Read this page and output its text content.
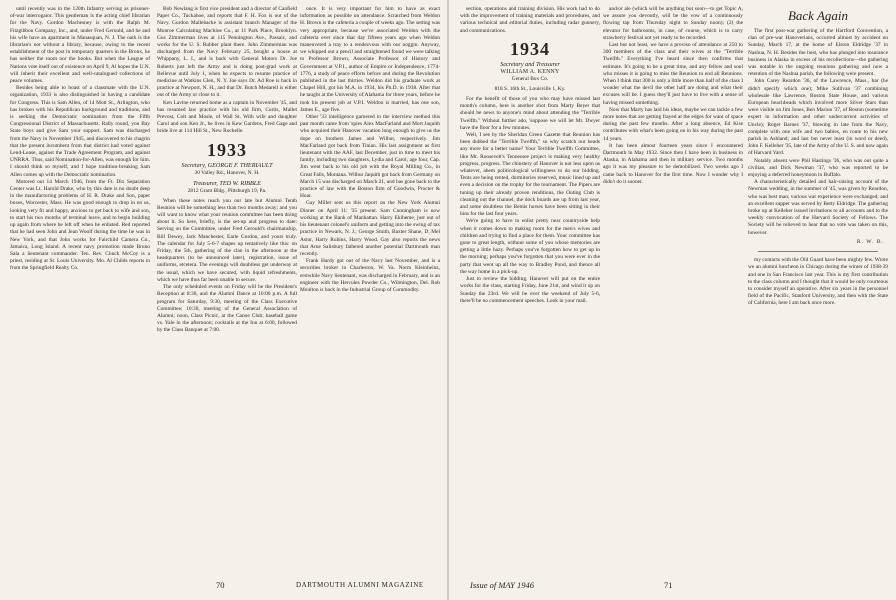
until recently was in the 120th Infantry serving as prisoner-of-war interrogator. This gentleman is the acting chief librarian for the Navy. Gordon Machesney is with the Ralph M. Fitzgibbon Company, Inc., and, under Fred Gerould, and he and his wife have an apartment in Manasquan, N. J. The oath is the librarian's not without a library, because, owing to the recent establishment of the post in temporary quarters in the Bronx, he has neither the room nor the books. But when the League of Nations vote itself out of existence on April 9, Al hopes the U.N. will inherit their excellent and well-catalogued collections of peace volumes.

Besides being able to boast of a classmate with the U.N. organization, 1933 is also distinguished in having a candidate for Congress. This is Sam Allen, of 14 Mott St., Arlington, who has broken with his Republican background and traditions, and is seeking the Democratic nomination from the Fifth Congressional District of Massachusetts. Rally round, you Bay State boys and give Sam your support. Sam was discharged from the Navy in November 1945, and discovered to his chagrin that the present incumbent from that district had voted against Lend-Lease, against the Trade Agreement Program, and against UNRRA. Thus, said Nomination-for-Allen, was enough for him. I should think so myself, and I hope tradition-breaking Sam Allen comes up with the Democratic nomination.

Motored out 14 March 1946, from the Ft. Dix Separation Center was Lt. Harold Drake, who by this date is no doubt deep in the manufacturing problems of H. R. Drake and Son, paper boxes, Worcester, Mass. He was good enough to drop in on us, looking very fit and happy, anxious to get back to wife and son, to start his two months of terminal leave, and to begin building up again from where he left off when he enlisted. Red reported that he had seen John and Jean Woolf during the time he was in New York, and that John works for Fairchild Camera Co., Jamaica, Long Island. A recent navy promotion made Bruno Sala a lieutenant commander. Ten. Rev. Chuck McCoy is a priest, residing at St. Louis University. Mo. Al Childs reports in from the Springfield Realty Co.

Bob Newlang is first vice president and a director of Canfield Paper Co., Tuckahoe, and reports that F. H. Fox is out of the Navy. Gordon Mallebacke is assistant branch Manager of the Monroe Calculating Machine Co., at 11 Park Place, Brooklyn. Gus Zimmerman lives at 115 Pennington Ave., Passaic, and works for the U. S. Rubber plant there. John Zimmerman was discharged from the Navy February 25, bought a house at Whippany, L. I., and is back with General Motors Dr. Joe Roberts just left the Army and is doing post-grad work at Bellevue until July 1, when he expects to resume practice of medicine at Watkins Glen, N. Y. Joe says Dr. Ad Roe is back in practice at Newport, N. H., and that Dr. Butch Medarell is either out of the Army or close to it.

Ken Lavine returned home as a captain in November '45, and has resumed law practice with his old firm, Curtis, Mallet Prevost, Colt and Mosle, of Wall St. With wife and daughter Carol and son Ken Jr., he lives in Kew Gardens, Fred Gage and bride live at 114 Hill St., New Rochelle.

1933
Secretary, GEORGE F. THERIAULT
30 Valley Rd., Hanover, N. H.
Treasurer, TED W. RIBBLE
2812 Grant Bldg., Pittsburgh 19, Pa.

When these notes reach you our late but Alumni Tenth Reunion will be something less than two months away; and you will want to know what your reunion committee has been doing about it. So here, briefly, is the set-up and progress to date: Serving on the Committee, under Fred Gerould's chairmanship, Bill Dewey, Jack Manchester, Earle Gordon, and yours truly. The calendar for July 5-6-7 shapes up tentatively like this: on Friday, the 5th, gathering of the clan in the afternoon at the headquarters (to be announced later), registration, issue of uniforms, etcetera. The evenings will doubtless get underway at the usual, which we have secured, with liquid refreshments, which we have thus far been unable to secure.

The only scheduled events on Friday will be the President's Reception at 8:30, and the Alumni Dance at 10:00 p.m. A full program for Saturday, 9:30, meeting of the Class Executive Committee; 10:30, meeting of the General Association of Alumni; noon, Class Picnic, at the Canoe Club; baseball game vs. Yale in the afternoon; cocktails at the Inn at 6:00, followed by the Class Banquet at 7:00.

once. It is very important for him to have as exact information as possible on attendance. Scratched from Weldon H. Brown is the cafeteria a couple of weeks ago. The setting was very appropriate, because we've associated Weldon with the cafeteria ever since that day fifteen years ago when Weldon maneuvered a tray to a rendezvous with our noggin. Anyway, we whipped out a pencil and straightened found we were talking to Professor Brown, Associate Professor of History and Government at V.P.I., author of Empire or Independence, 1774-1776, a study of peace efforts before and during the Revolution published in the last thirties. Weldon did his graduate work at Chapel Hill, got his M.A. in 1934, his Ph.D. in 1938. After that he taught at the University of Alabama for three years, before he took his present job at V.P.I. Weldon is married, has one son, James E., age five.

Other '33 intelligence garnered in the interview method this past month came from 'spies Alex MacFarland and Mort Jaquith who acquired their Hanover vacation long enough to give us the dope on brothers James and Wilbur, respectively. Jim MacFarland got back from Tinian. His last assignment as first lieutenant with the AAF, last December, just in time to meet his family, including two daughters, Lydia and Carol, age four, Cap. Jim went back to his old job with the Royal Milling Co., in Great Falls, Montana. Wilbur Jaquith got back from Germany on March 15 was discharged on March 21, and has gone back to the practice of law with the Boston firm of Goodwin, Procter & Hoar.

Gay Miller sent us this report on the New York Alumni Dinner on April 11: '35 present. Sam Cunningham is now working at the Bank of Manhattan. Harry Ekiheme, just out of his lieutenant colonel's uniform and getting into the swing of tax practice in Newark, N. J.; George Smith, Baxter Shane, D. Mel Astor, Harry Rubins, Harry Wood. Gay also reports the news that Arne Salisbury fathered another potential Dartmouth man recently.

Frank Hardy got out of the Navy last November, and is a securities broker in Charleston, W. Va. Norm Kleinheinz, erstwhile Navy lieutenant, was discharged in February, and is an engineer with the Hercules Powder Co., Wilmington, Del. Rob Moulton is back in the Industrial Group of Commodity.

section, operations and training division. His work had to do with the improvement of training materials and procedures, and various technical and editorial duties, including radar gunnery, and communications.

1934
Secretary and Treasurer
WILLIAM A. KENNY
General Box Co.
818 S. 16th St., Louisville 1, Ky.

For the benefit of those of you who may have missed last month's column, here is another shot from Marty Beyer that should be news to anyone's mind about attending the "Terrible Twelfth." Without further ado, 'suppose we will let Mr. Dwyer have the floor for a few minutes.

Well, I see by the Sheridan Green Gazette that Reunion has been dubbed the "Terrible Twelfth," so why scratch our heads any more for a better name? Your Terrible Twelfth Committee, like Mr. Roosevelt's Tennessee project is making very healthy progress, progress. The chinstery of Hanover is not less upon us whatever, ahem politicological willingness to do our bidding. Tents are being rented, dormitories reserved, music lined up and even a decision on the trophy for the tournament. The Pipers are tuning up their already proven renditions, the Outing Club is cleaning out the channel, the dock boards are up from last year, and some doubtless the Bemis horses have been sitting in their bins for the last four years.

We're going to have to enlist pretty near countryside help when it comes down to making room for the men's wives and children and trying to find a place for them. Your committee has gone to great length, without some of you whose memories are getting a little hazy. Perhaps you've forgotten how to get up in the morning; perhaps you've forgotten that you were ever in the party that went up all the way to Bradley Pond, and thence all the way home in a pick-up.

Just to review the bidding, Hanover will put on the entire works for the class, starting Friday, June 21st, and wind it up on Sunday the 23rd. We will be over the weekend of July 5-6, there'll be no commencement speeches. Look in your mail.

and/or ale (which will be anything but soon—to get Topic A, we assure you devoutly, will be the vow of a continuously flowing tap from Thursday night to Sunday noon); (2) the elevator for bathrooms, in case, of course, which is to carry strawberry festival not yet ready to be recorded.

Last but not least, we have a proviso of attendance at 250 to 300 members of the class and their wives at the "Terrible Twelfth." Everything I've heard since then confirms that estimate. It's going to be a great time, and any fellow and soul who misses it is going to miss the Reunion to end all Reunions. When I think that 300 is only a little more than half of the class I wonder what the devil the other half are doing and what their excuses will be. I guess they'll just have to live with a sense of having missed something.

Now that Marty has laid his ideas, maybe we can tackle a few more notes that are getting frayed at the edges for want of space during the past few months. After a long absence, Ed Kise contributes with what's been going on in his way during the past 14 years.

It has been almost fourteen years since I encountered Dartmouth in May 1932. Since then I have been in business in Alaska, in Alabama and then in military service. Two months ago it was my pleasure to be demobilized. Two weeks ago I came back to Hanover for the first time. Now I wonder why I didn't do it sooner.

Back Again

The first post-war gathering of the Hartford Convention, a clan of pre-war Hanoverians, occurred almost by accident on Sunday, March 17, at the home of Elston Eldridge '37 in Nashua, N. H. Besides the host, who has plunged into insurance business in Alaska in excess of his recollections—the gathering was notable in the ongoing reunions gathering and now a retention of the Nashua parish, the following were present.

John Carey Reardon '36, of the Lawrence, Mass., bar (he didn't specify which one); Mike Sullivan '37 combining wholesale like Lawrence, Boston State House, and various European beachheads which involved more Silver Stars than were visible on Jim Jones, Ben Marion '37, of Boston (sometime expert in information and other undercurrent activities of Uncle); Roger Barnes '37, blowing in late from the Navy, complete with one wife and two babies, en route to his new parish in Ashland; and last but never least (in word or deed), John F. Kelleher '35, late of the Army of the U. S. and now again of Harvard Yard.

Notably absent were Phil Hastings '36, who was out quite a civilian, and Dick Newman '37, who was reported to be enjoying a deferred honeymoon in Buffalo.

A characteristically detailed and hair-raising account of the Newman wedding, in the summer of '45, was given by Reardon, who was best man; various war experience were exchanged; and an excellent supper was served by Betty Eldridge. The gathering broke up at Kelleher issued invitations to all accounts and to the weekly convocation of the Harvard Society of Fellows. The Society will be relieved to hear that no vote was taken on this, however.

R. W. B.

my contacts with the Old Guard have been mighty few. Wrote we an alumni luncheon in Chicago during the winter of 1938-39 and one in San Francisco last year. This is my first contribution to the class column and I thought that it would be only courteous to consider myself an operative. After six years in the personnel field of the Pacific, Stanford University, and then with the State of California, here I am back once more.

70	DARTMOUTH ALUMNI MAGAZINE	Issue of MAY 1946	71
